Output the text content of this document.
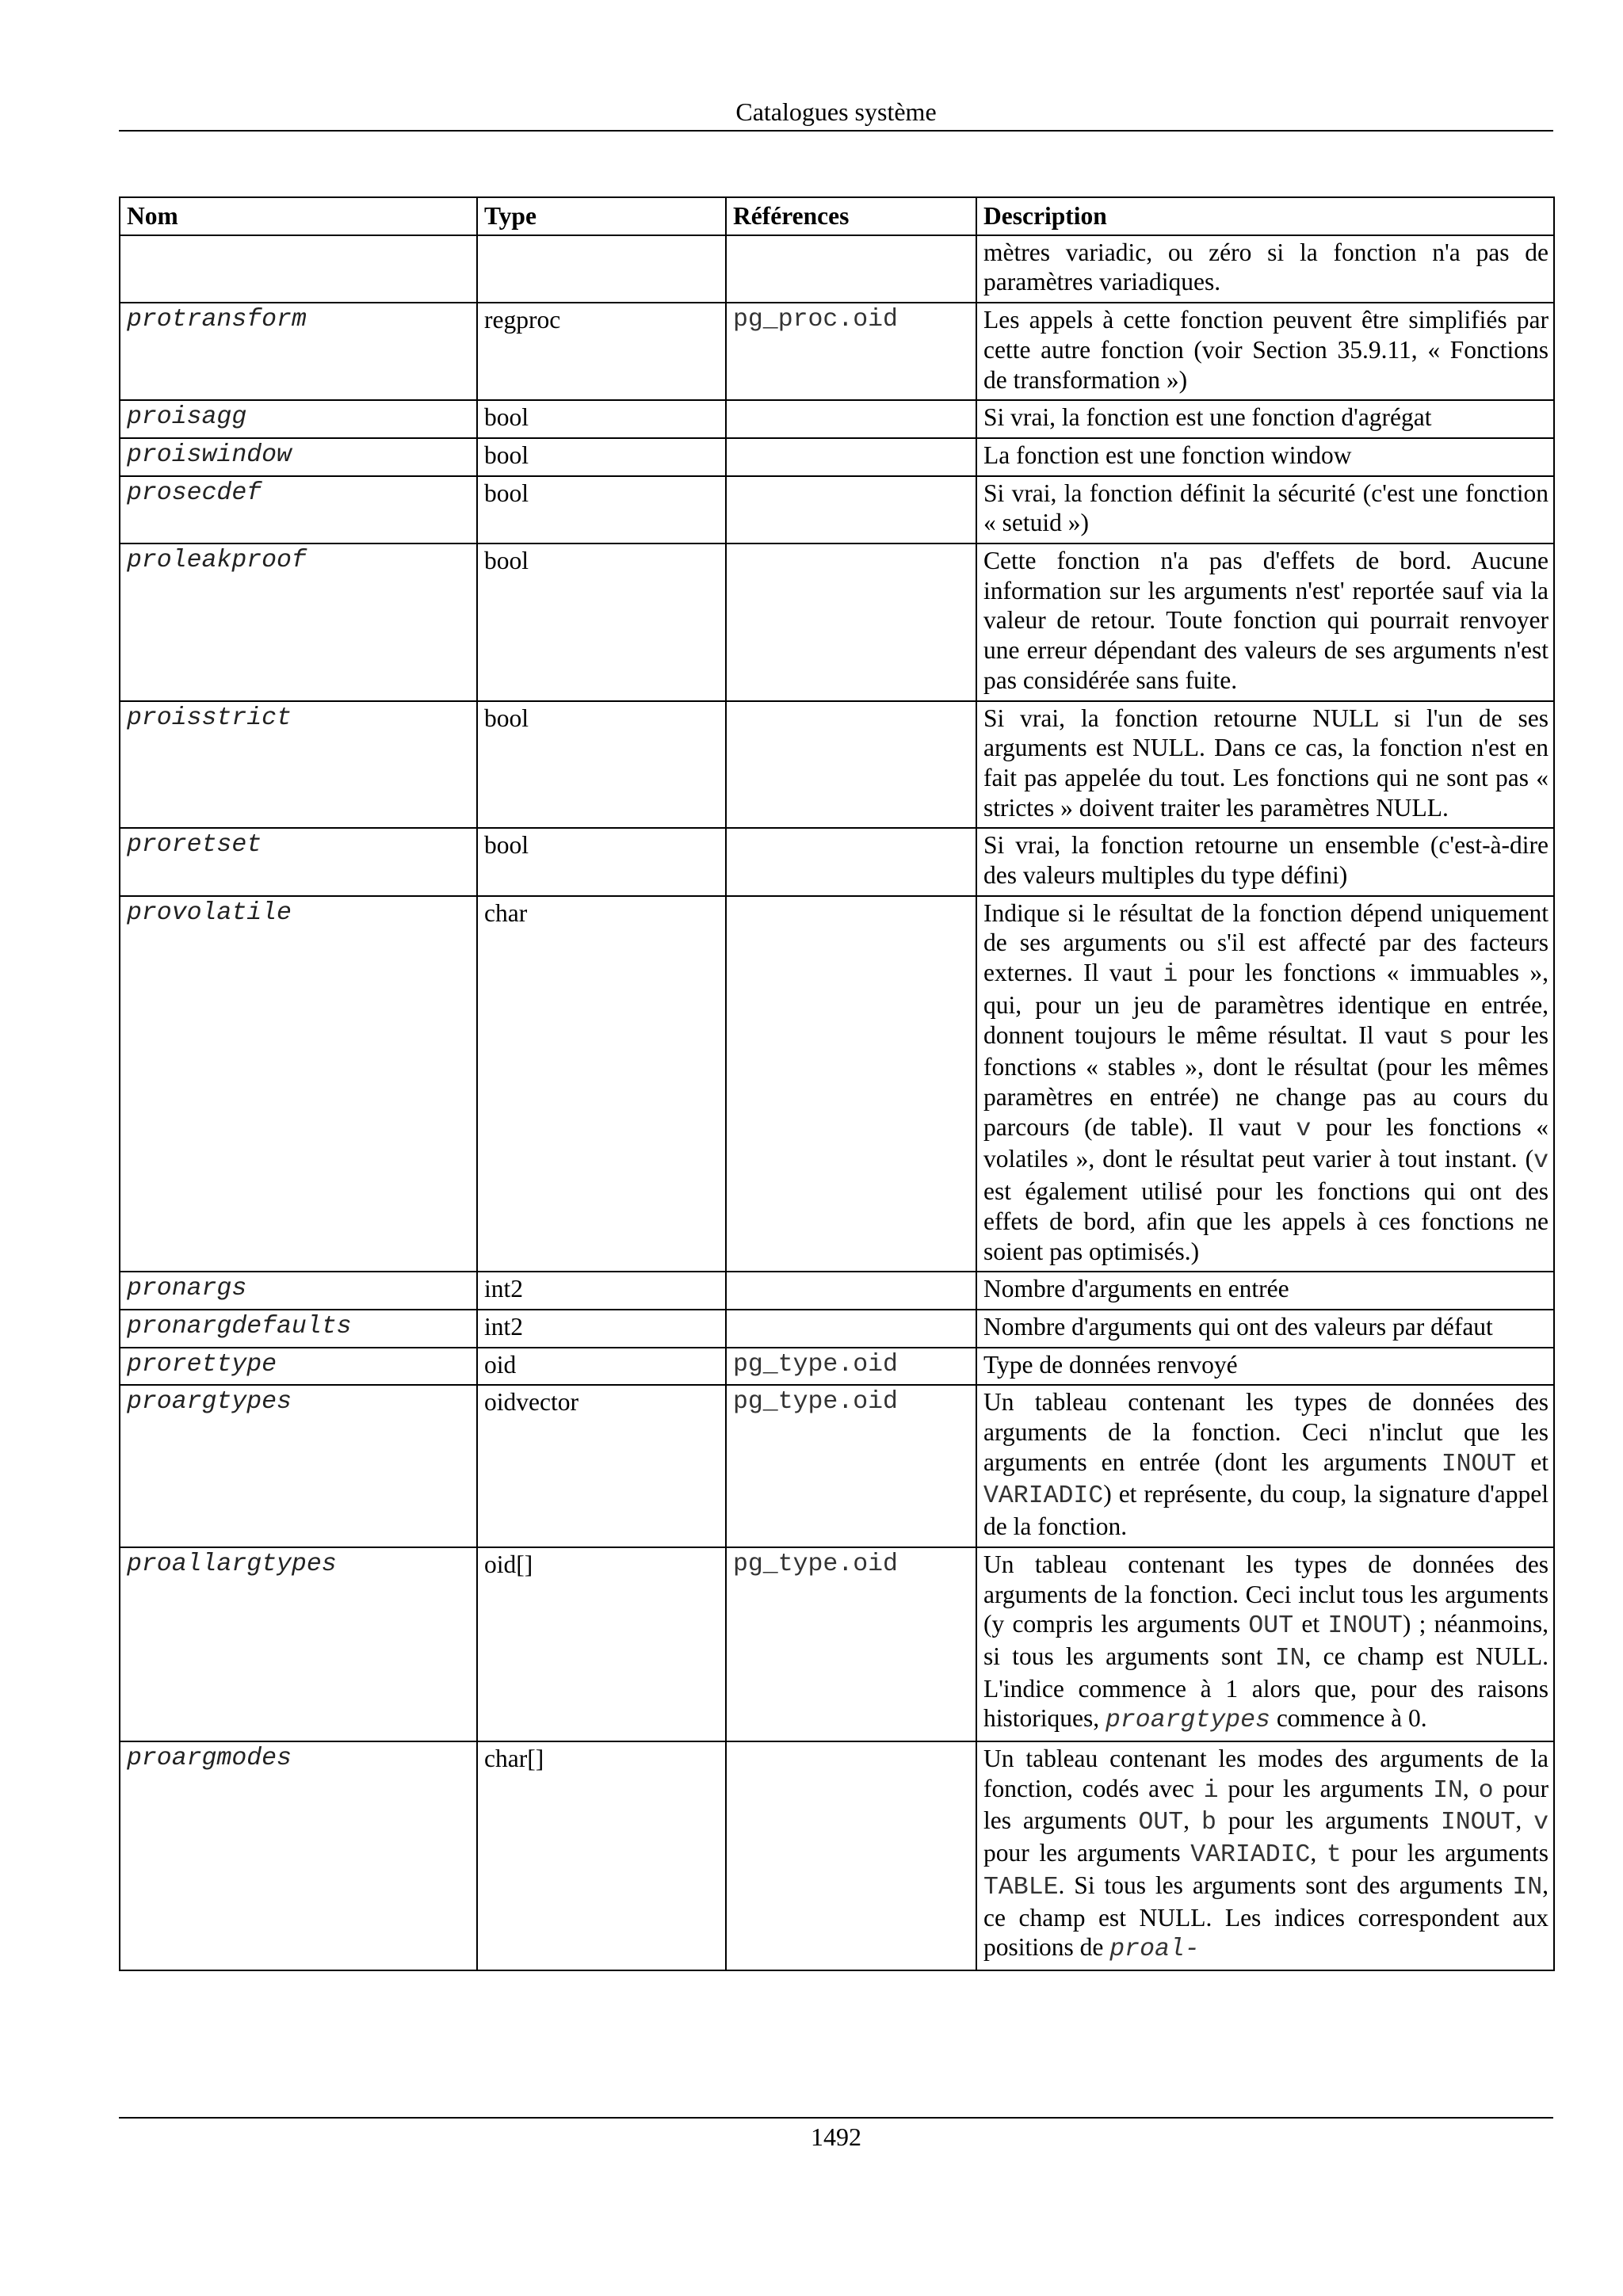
Catalogues système
Nom	Type	Références	Description
			mètres variadic, ou zéro si la fonction n'a pas de paramètres variadiques.
protransform	regproc	pg_proc.oid	Les appels à cette fonction peuvent être simplifiés par cette autre fonction (voir Section 35.9.11, « Fonctions de transformation »)
proisagg	bool		Si vrai, la fonction est une fonction d'agrégat
proiswindow	bool		La fonction est une fonction window
prosecdef	bool		Si vrai, la fonction définit la sécurité (c'est une fonction « setuid »)
proleakproof	bool		Cette fonction n'a pas d'effets de bord. Aucune information sur les arguments n'est' reportée sauf via la valeur de retour. Toute fonction qui pourrait renvoyer une erreur dépendant des valeurs de ses arguments n'est pas considérée sans fuite.
proisstrict	bool		Si vrai, la fonction retourne NULL si l'un de ses arguments est NULL. Dans ce cas, la fonction n'est en fait pas appelée du tout. Les fonctions qui ne sont pas « strictes » doivent traiter les paramètres NULL.
proretset	bool		Si vrai, la fonction retourne un ensemble (c'est-à-dire des valeurs multiples du type défini)
provolatile	char		Indique si le résultat de la fonction dépend uniquement de ses arguments ou s'il est affecté par des facteurs externes. Il vaut i pour les fonctions « immuables », qui, pour un jeu de paramètres identique en entrée, donnent toujours le même résultat. Il vaut s pour les fonctions « stables », dont le résultat (pour les mêmes paramètres en entrée) ne change pas au cours du parcours (de table). Il vaut v pour les fonctions « volatiles », dont le résultat peut varier à tout instant. (v est également utilisé pour les fonctions qui ont des effets de bord, afin que les appels à ces fonctions ne soient pas optimisés.)
pronargs	int2		Nombre d'arguments en entrée
pronargdefaults	int2		Nombre d'arguments qui ont des valeurs par défaut
prorettype	oid	pg_type.oid	Type de données renvoyé
proargtypes	oidvector	pg_type.oid	Un tableau contenant les types de données des arguments de la fonction. Ceci n'inclut que les arguments en entrée (dont les arguments INOUT et VARIADIC) et représente, du coup, la signature d'appel de la fonction.
proallargtypes	oid[]	pg_type.oid	Un tableau contenant les types de données des arguments de la fonction. Ceci inclut tous les arguments (y compris les arguments OUT et INOUT) ; néanmoins, si tous les arguments sont IN, ce champ est NULL. L'indice commence à 1 alors que, pour des raisons historiques, proargtypes commence à 0.
proargmodes	char[]		Un tableau contenant les modes des arguments de la fonction, codés avec i pour les arguments IN, o pour les arguments OUT, b pour les arguments INOUT, v pour les arguments VARIADIC, t pour les arguments TABLE. Si tous les arguments sont des arguments IN, ce champ est NULL. Les indices correspondent aux positions de proal-
1492
